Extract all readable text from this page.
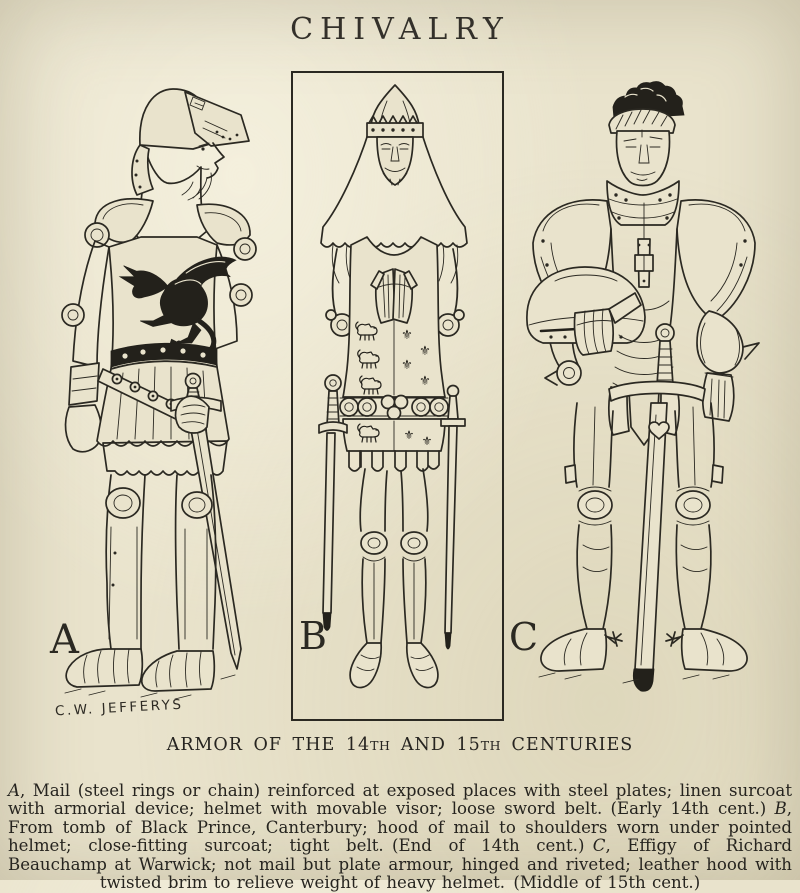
CHIVALRY
⚜
⚜
⚜
⚜
⚜ ⚜
A	B	C
C.W. JEFFERYS
ARMOR OF THE 14TH AND 15TH CENTURIES

A, Mail (steel rings or chain) reinforced at exposed places with steel plates; linen surcoat with armorial device; helmet with movable visor; loose sword belt. (Early 14th cent.) B, From tomb of Black Prince, Canterbury; hood of mail to shoulders worn under pointed helmet; close-fitting surcoat; tight belt. (End of 14th cent.) C, Effigy of Richard Beauchamp at Warwick; not mail but plate armour, hinged and riveted; leather hood with twisted brim to relieve weight of heavy helmet. (Middle of 15th cent.)
